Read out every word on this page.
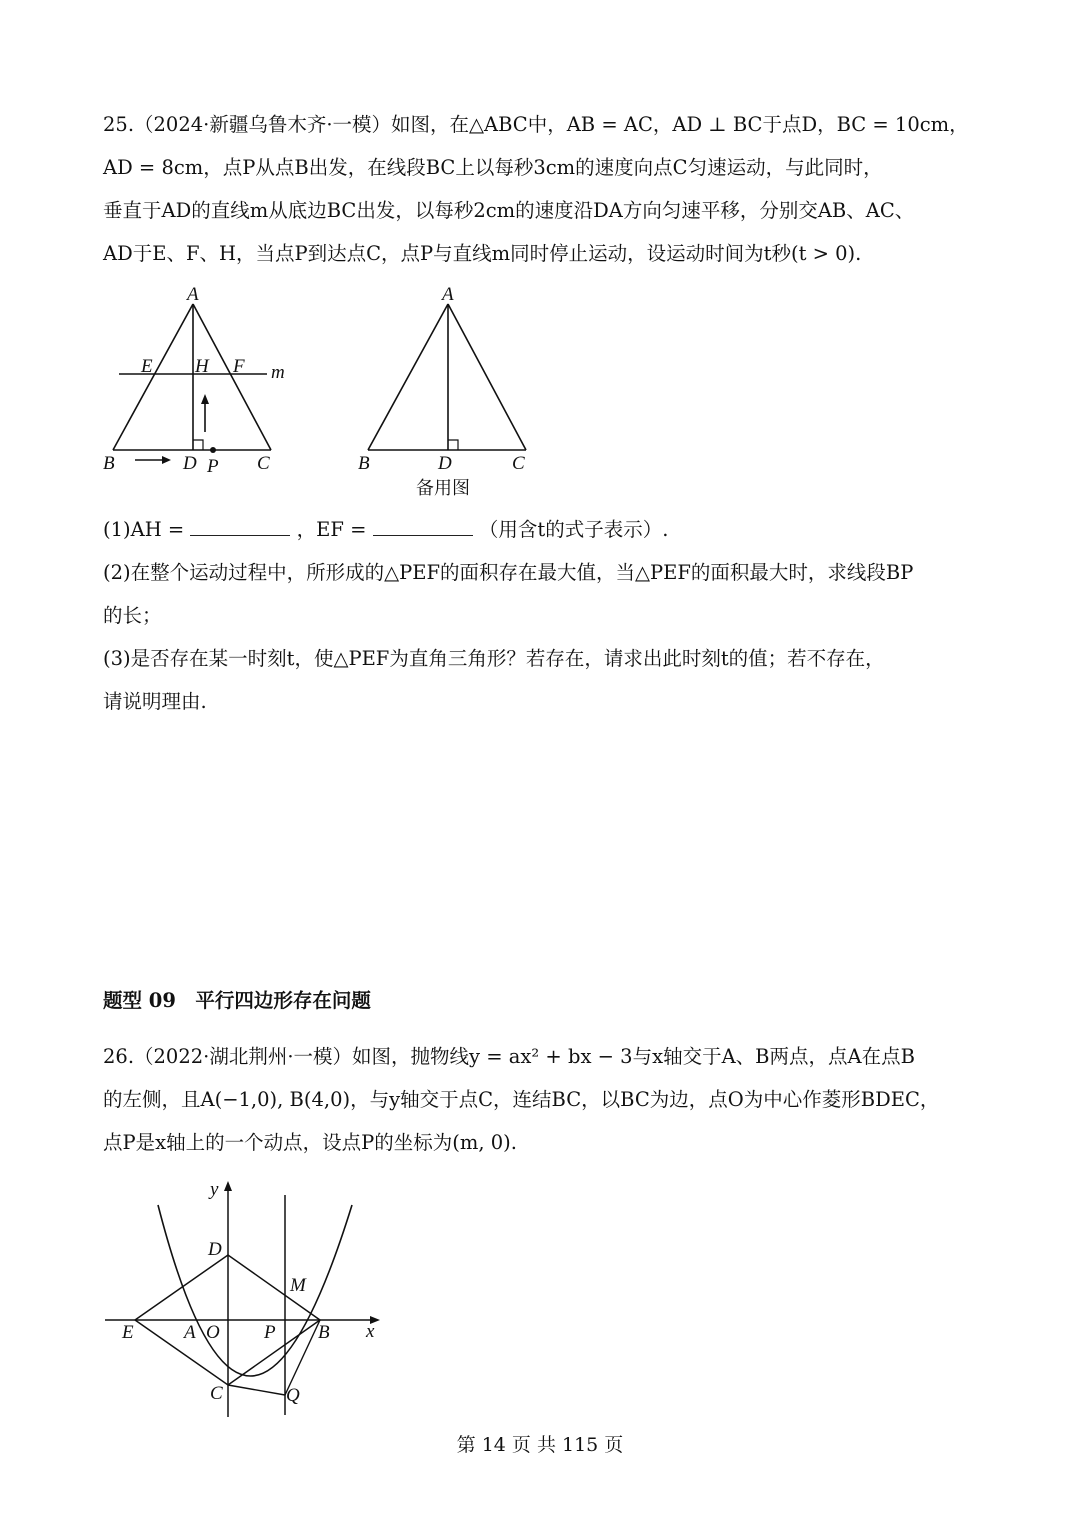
25.（2024·新疆乌鲁木齐·一模）如图，在△ABC中，AB = AC，AD ⊥ BC于点D，BC = 10cm，
AD = 8cm，点P从点B出发，在线段BC上以每秒3cm的速度向点C匀速运动，与此同时，
垂直于AD的直线m从底边BC出发，以每秒2cm的速度沿DA方向匀速平移，分别交AB、AC、
AD于E、F、H，当点P到达点C，点P与直线m同时停止运动，设运动时间为t秒(t > 0).
A
E H F m
B	D P C
A
B	D	C
备用图
(1)AH =	，EF =	（用含t的式子表示）.
(2)在整个运动过程中，所形成的△PEF的面积存在最大值，当△PEF的面积最大时，求线段BP
的长；
(3)是否存在某一时刻t，使△PEF为直角三角形？若存在，请求出此时刻t的值；若不存在，
请说明理由.
题型 09　平行四边形存在问题
26.（2022·湖北荆州·一模）如图，抛物线y = ax² + bx − 3与x轴交于A、B两点，点A在点B
的左侧，且A(−1,0), B(4,0)，与y轴交于点C，连结BC，以BC为边，点O为中心作菱形BDEC，
点P是x轴上的一个动点，设点P的坐标为(m, 0).
y
x
D
M
E	A O P B
C	Q
第 14 页 共 115 页
